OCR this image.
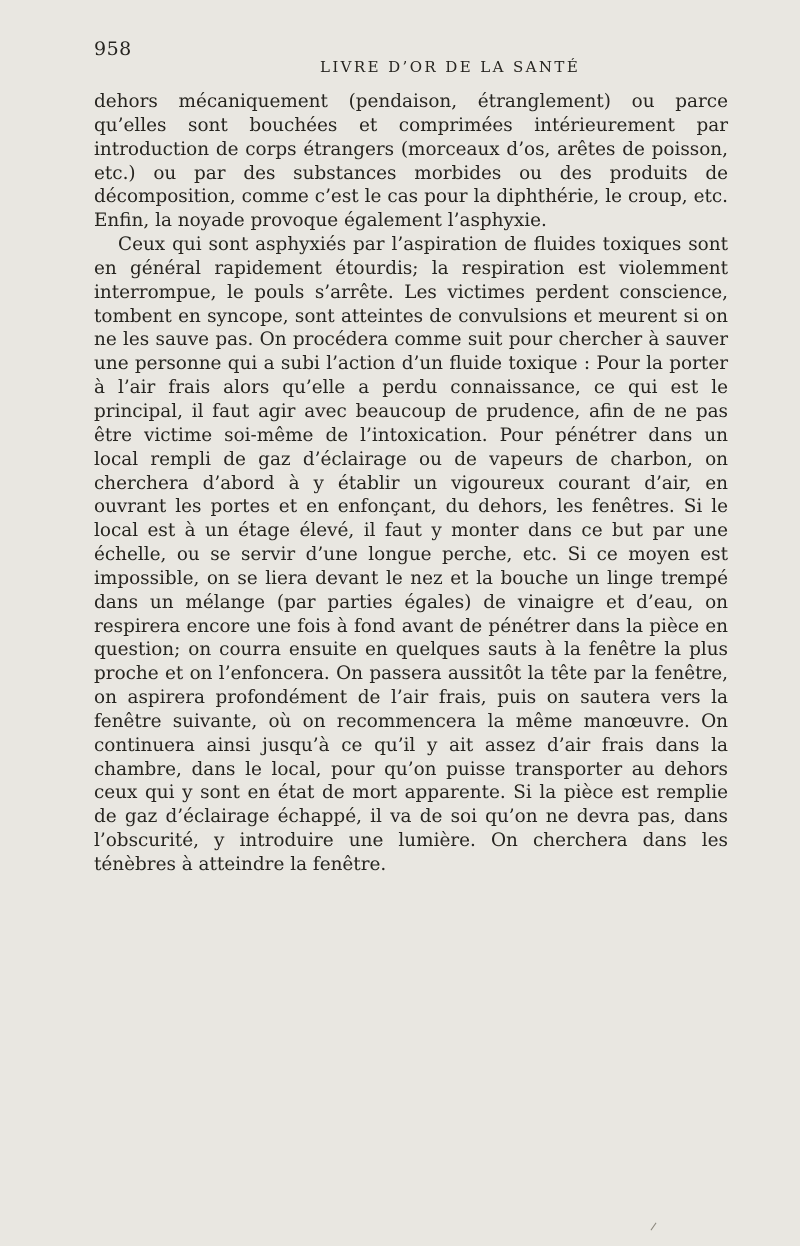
958
LIVRE D’OR DE LA SANTÉ

dehors mécaniquement (pendaison, étranglement) ou parce qu’elles sont bouchées et comprimées intérieurement par introduction de corps étrangers (morceaux d’os, arêtes de poisson, etc.) ou par des substances morbides ou des produits de décomposition, comme c’est le cas pour la diphthérie, le croup, etc. Enfin, la noyade provoque également l’asphyxie.

Ceux qui sont asphyxiés par l’aspiration de fluides toxiques sont en général rapidement étourdis; la respiration est violemment interrompue, le pouls s’arrête. Les victimes perdent conscience, tombent en syncope, sont atteintes de convulsions et meurent si on ne les sauve pas. On procédera comme suit pour chercher à sauver une personne qui a subi l’action d’un fluide toxique : Pour la porter à l’air frais alors qu’elle a perdu connaissance, ce qui est le principal, il faut agir avec beaucoup de prudence, afin de ne pas être victime soi-même de l’intoxication. Pour pénétrer dans un local rempli de gaz d’éclairage ou de vapeurs de charbon, on cherchera d’abord à y établir un vigoureux courant d’air, en ouvrant les portes et en enfonçant, du dehors, les fenêtres. Si le local est à un étage élevé, il faut y monter dans ce but par une échelle, ou se servir d’une longue perche, etc. Si ce moyen est impossible, on se liera devant le nez et la bouche un linge trempé dans un mélange (par parties égales) de vinaigre et d’eau, on respirera encore une fois à fond avant de pénétrer dans la pièce en question; on courra ensuite en quelques sauts à la fenêtre la plus proche et on l’enfoncera. On passera aussitôt la tête par la fenêtre, on aspirera profondément de l’air frais, puis on sautera vers la fenêtre suivante, où on recommencera la même manœuvre. On continuera ainsi jusqu’à ce qu’il y ait assez d’air frais dans la chambre, dans le local, pour qu’on puisse transporter au dehors ceux qui y sont en état de mort apparente. Si la pièce est remplie de gaz d’éclairage échappé, il va de soi qu’on ne devra pas, dans l’obscurité, y introduire une lumière. On cherchera dans les ténèbres à atteindre la fenêtre.
